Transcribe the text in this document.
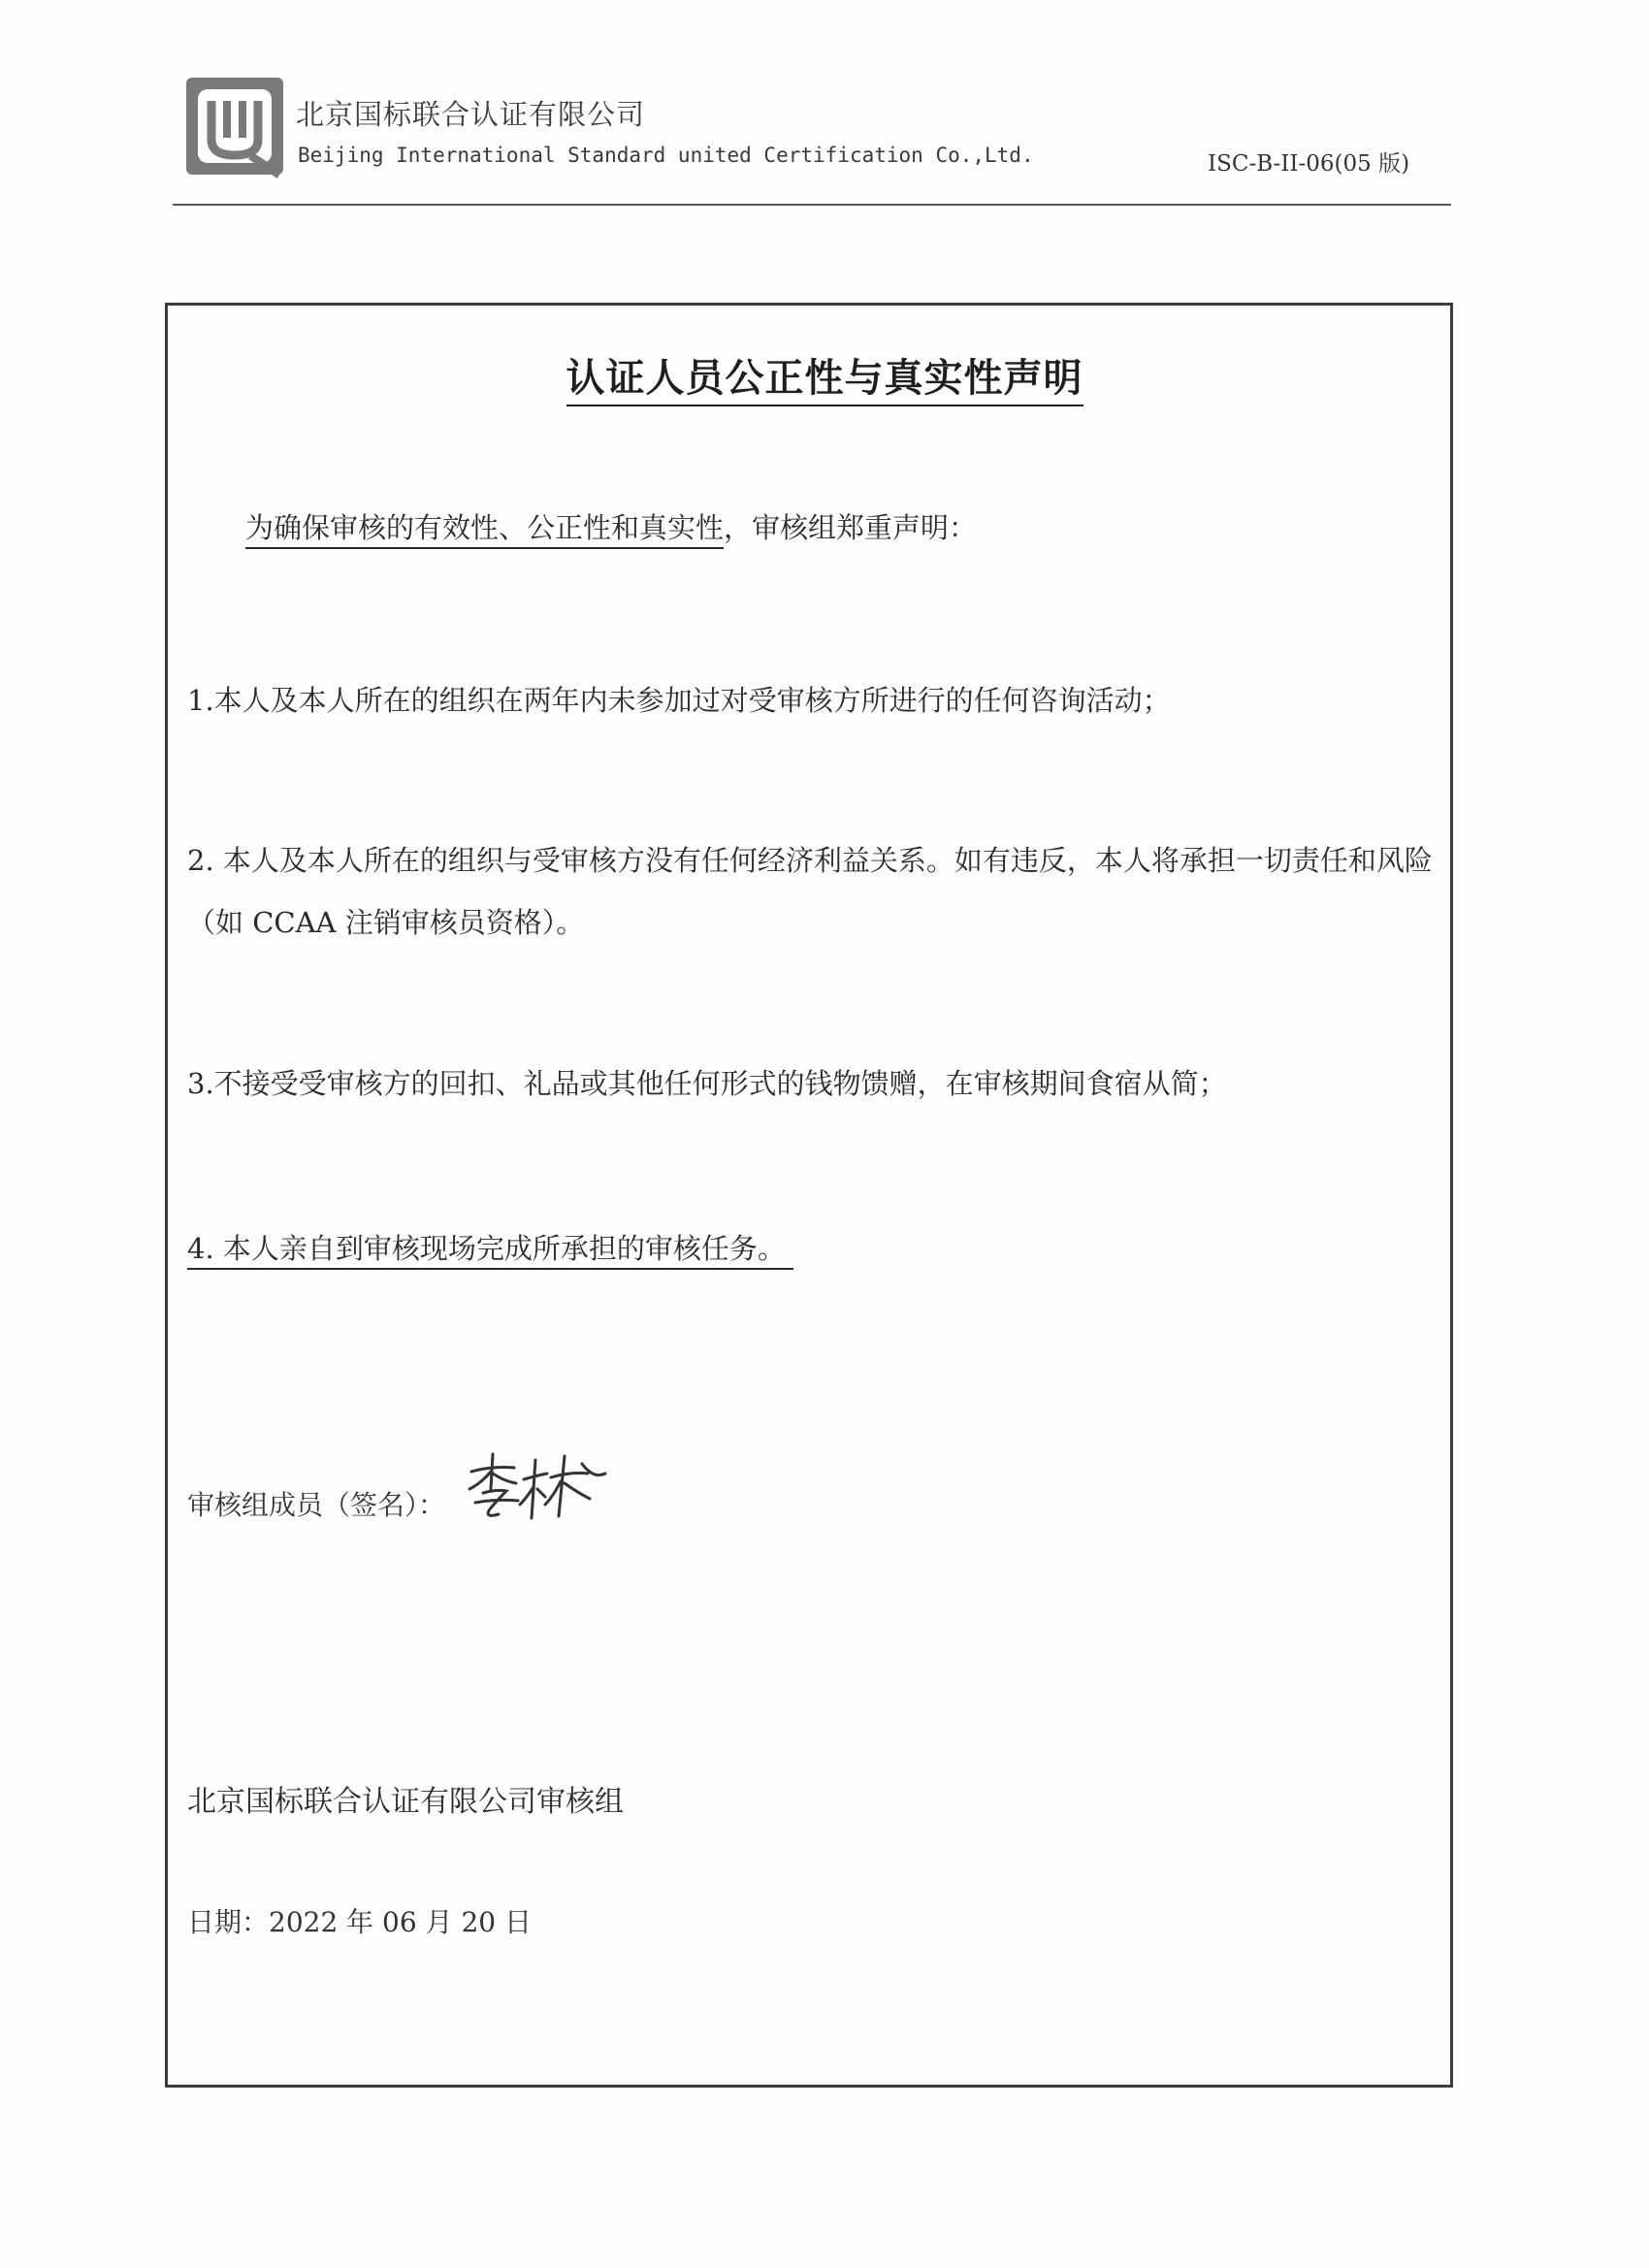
北京国标联合认证有限公司
Beijing International Standard united Certification Co.,Ltd.	ISC-B-II-06(05 版)
认证人员公正性与真实性声明
为确保审核的有效性、公正性和真实性，审核组郑重声明：
1.本人及本人所在的组织在两年内未参加过对受审核方所进行的任何咨询活动；
2. 本人及本人所在的组织与受审核方没有任何经济利益关系。如有违反，本人将承担一切责任和风险（如 CCAA 注销审核员资格）。
3.不接受受审核方的回扣、礼品或其他任何形式的钱物馈赠，在审核期间食宿从简；
4. 本人亲自到审核现场完成所承担的审核任务。
审核组成员（签名）：
北京国标联合认证有限公司审核组
日期：2022 年 06 月 20 日
